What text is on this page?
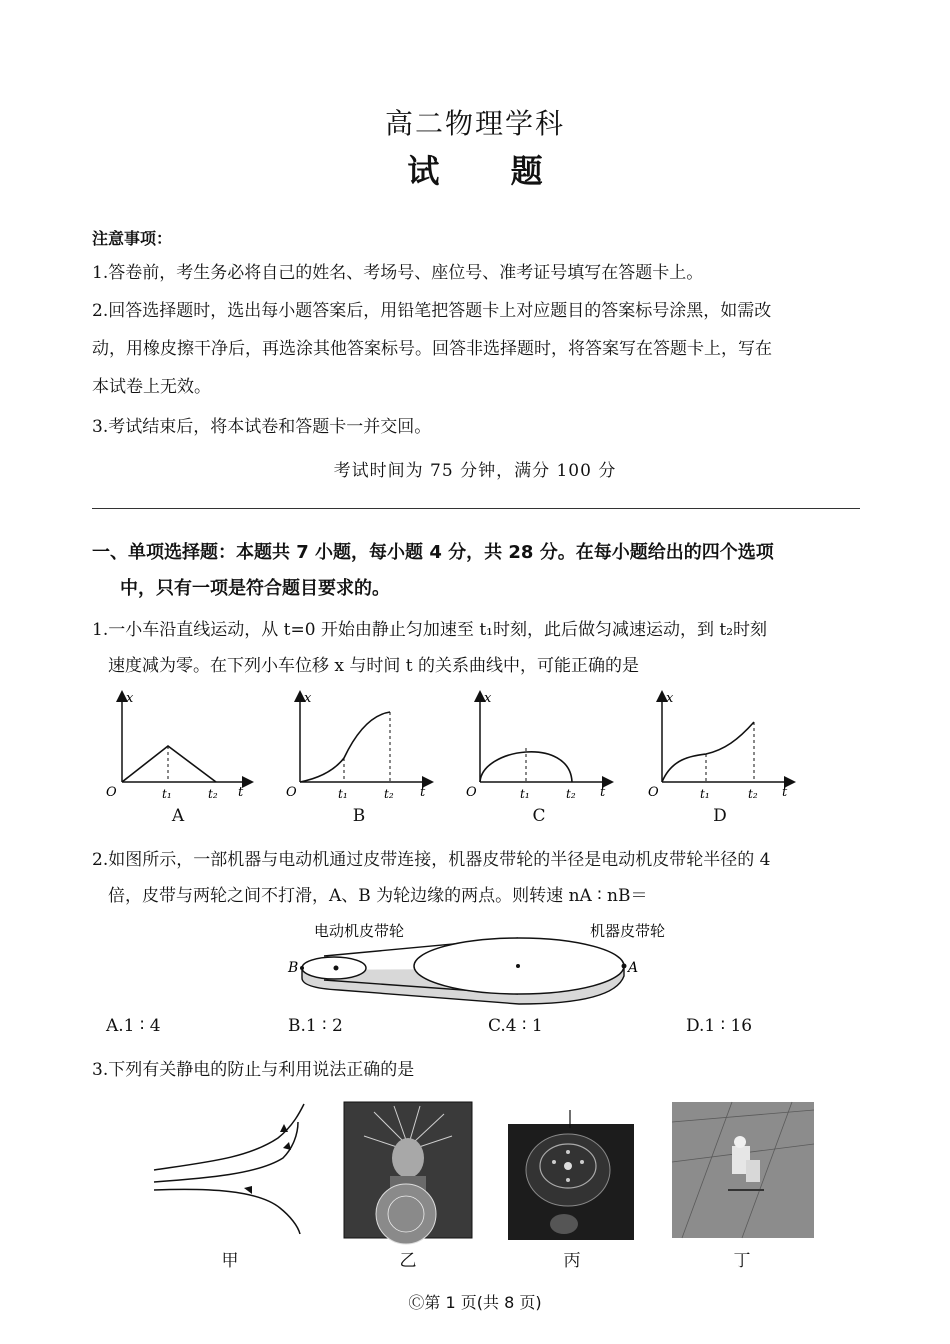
高二物理学科
试 题
注意事项：
1.答卷前，考生务必将自己的姓名、考场号、座位号、准考证号填写在答题卡上。
2.回答选择题时，选出每小题答案后，用铅笔把答题卡上对应题目的答案标号涂黑，如需改
动，用橡皮擦干净后，再选涂其他答案标号。回答非选择题时，将答案写在答题卡上，写在
本试卷上无效。
3.考试结束后，将本试卷和答题卡一并交回。
考试时间为 75 分钟，满分 100 分
一、单项选择题：本题共 7 小题，每小题 4 分，共 28 分。在每小题给出的四个选项
中，只有一项是符合题目要求的。
1.一小车沿直线运动，从 t=0 开始由静止匀加速至 t₁时刻，此后做匀减速运动，到 t₂时刻
速度减为零。在下列小车位移 x 与时间 t 的关系曲线中，可能正确的是
x
O	t₁	t₂ t
A
x
O	t₁	t₂ t
B
x
O	t₁	t₂ t
C
x
O	t₁	t₂ t
D
2.如图所示，一部机器与电动机通过皮带连接，机器皮带轮的半径是电动机皮带轮半径的 4
倍，皮带与两轮之间不打滑，A、B 为轮边缘的两点。则转速 nA ∶ nB＝
电动机皮带轮	机器皮带轮
B	A
A.1 ∶ 4	B.1 ∶ 2	C.4 ∶ 1	D.1 ∶ 16
3.下列有关静电的防止与利用说法正确的是
甲	乙	丙	丁
Ⓒ第 1 页(共 8 页)
